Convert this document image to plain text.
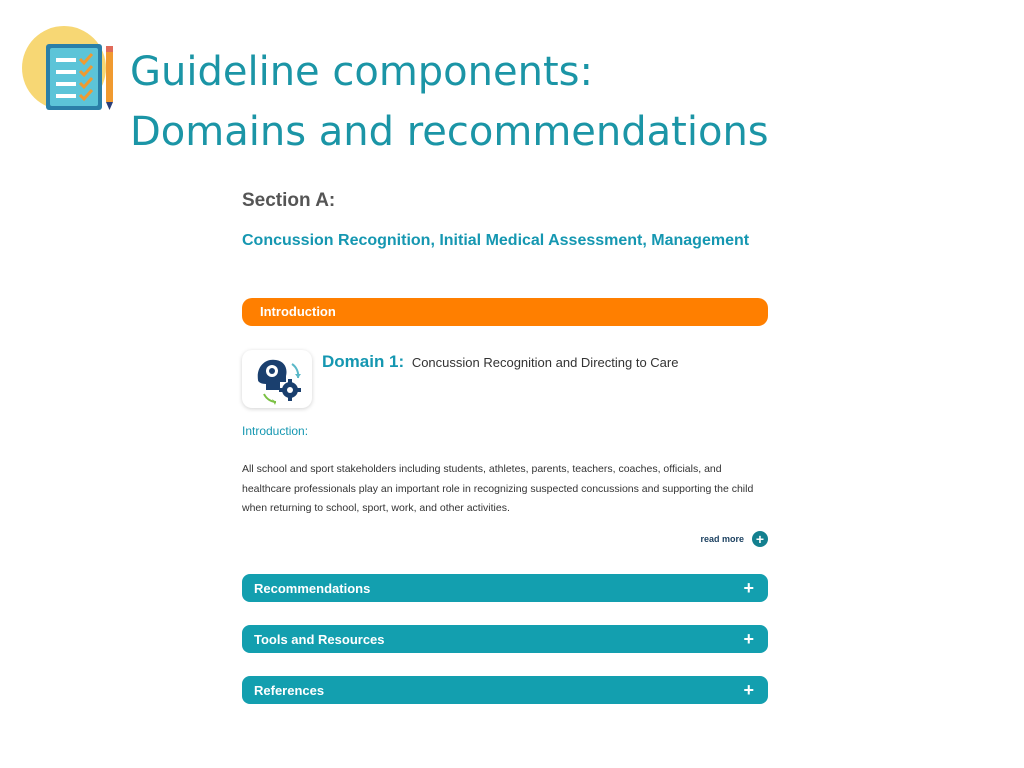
Guideline components:
Domains and recommendations
Section A:
Concussion Recognition, Initial Medical Assessment, Management
Introduction
Domain 1: Concussion Recognition and Directing to Care
Introduction:

All school and sport stakeholders including students, athletes, parents, teachers, coaches, officials, and healthcare professionals play an important role in recognizing suspected concussions and supporting the child when returning to school, sport, work, and other activities.

read more +
Recommendations	+
Tools and Resources	+
References	+
